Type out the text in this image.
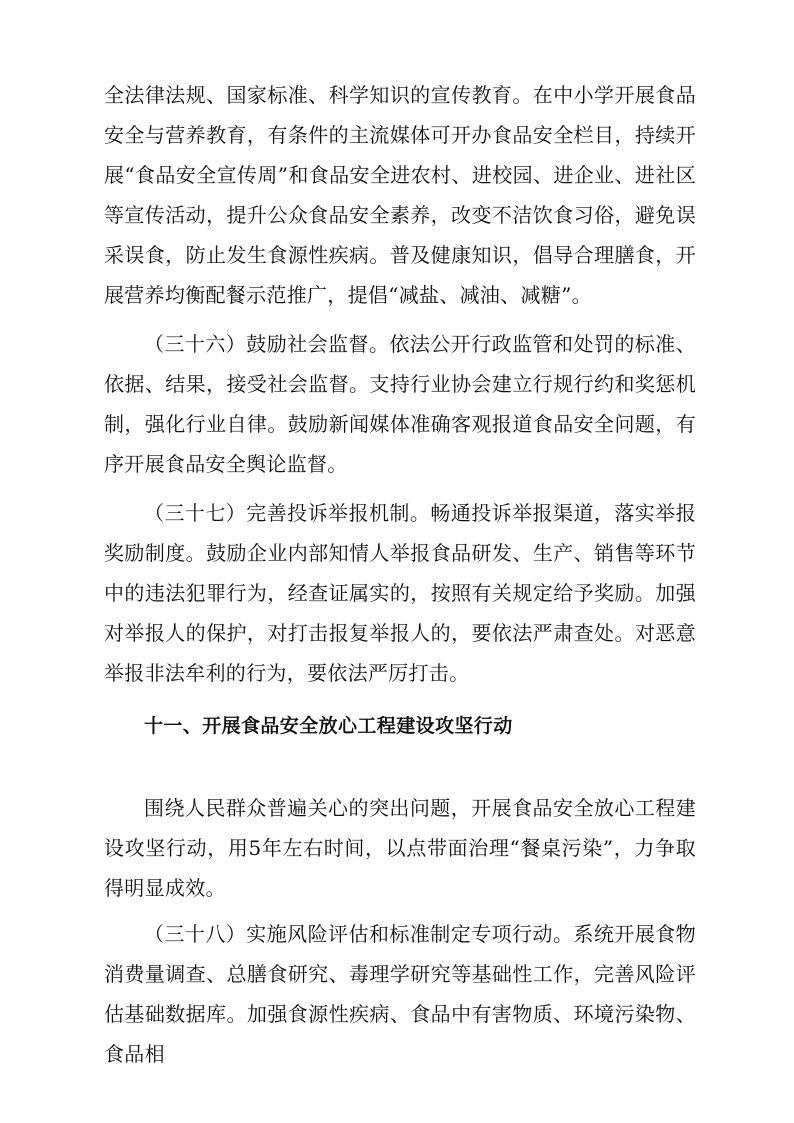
全法律法规、国家标准、科学知识的宣传教育。在中小学开展食品安全与营养教育，有条件的主流媒体可开办食品安全栏目，持续开展“食品安全宣传周”和食品安全进农村、进校园、进企业、进社区等宣传活动，提升公众食品安全素养，改变不洁饮食习俗，避免误采误食，防止发生食源性疾病。普及健康知识，倡导合理膳食，开展营养均衡配餐示范推广，提倡“减盐、减油、减糖”。

（三十六）鼓励社会监督。依法公开行政监管和处罚的标准、依据、结果，接受社会监督。支持行业协会建立行规行约和奖惩机制，强化行业自律。鼓励新闻媒体准确客观报道食品安全问题，有序开展食品安全舆论监督。

（三十七）完善投诉举报机制。畅通投诉举报渠道，落实举报奖励制度。鼓励企业内部知情人举报食品研发、生产、销售等环节中的违法犯罪行为，经查证属实的，按照有关规定给予奖励。加强对举报人的保护，对打击报复举报人的，要依法严肃查处。对恶意举报非法牟利的行为，要依法严厉打击。

十一、开展食品安全放心工程建设攻坚行动

围绕人民群众普遍关心的突出问题，开展食品安全放心工程建设攻坚行动，用5年左右时间，以点带面治理“餐桌污染”，力争取得明显成效。

（三十八）实施风险评估和标准制定专项行动。系统开展食物消费量调查、总膳食研究、毒理学研究等基础性工作，完善风险评估基础数据库。加强食源性疾病、食品中有害物质、环境污染物、食品相
